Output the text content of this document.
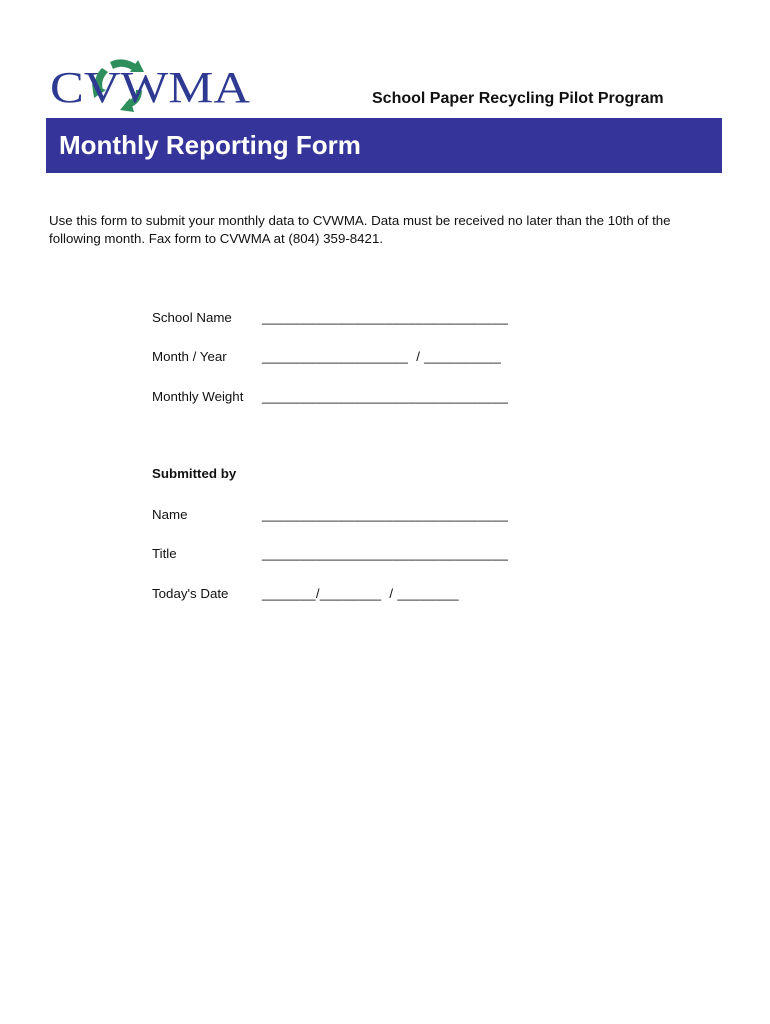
CVWMA	School Paper Recycling Pilot Program
Monthly Reporting Form

Use this form to submit your monthly data to CVWMA. Data must be received no later than the 10th of the following month. Fax form to CVWMA at (804) 359-8421.

School Name ________________________________
Month / Year	___________________  / __________
Monthly Weight ________________________________
Submitted by
Name	________________________________
Title	________________________________
Today's Date	_______/________  / ________
